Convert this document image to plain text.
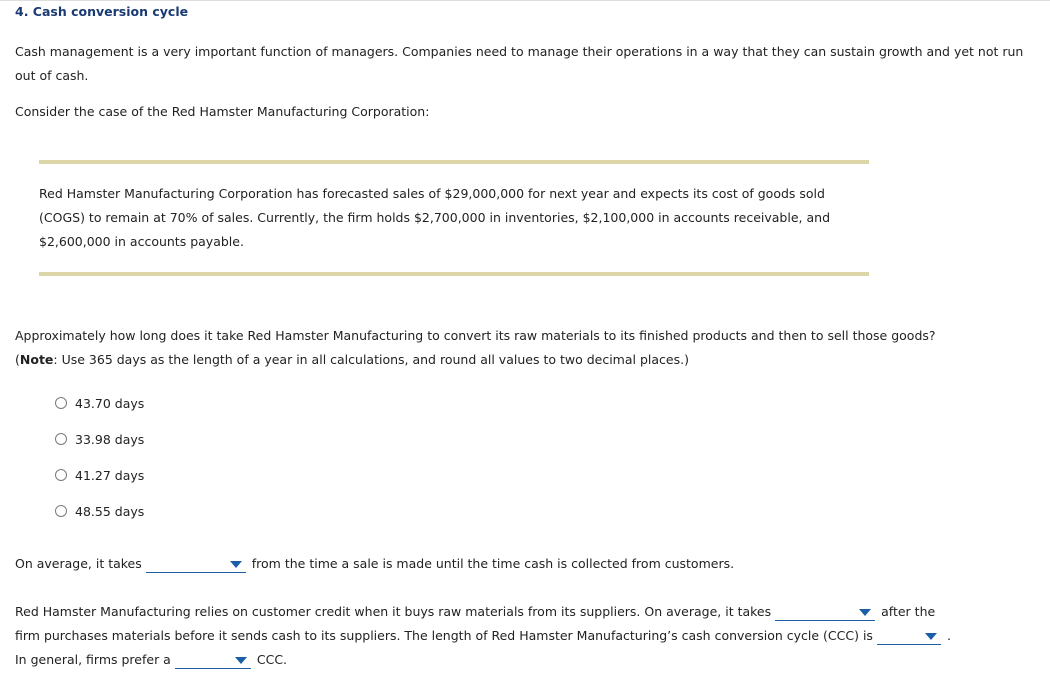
4. Cash conversion cycle
Cash management is a very important function of managers. Companies need to manage their operations in a way that they can sustain growth and yet not run out of cash.
Consider the case of the Red Hamster Manufacturing Corporation:
Red Hamster Manufacturing Corporation has forecasted sales of $29,000,000 for next year and expects its cost of goods sold (COGS) to remain at 70% of sales. Currently, the firm holds $2,700,000 in inventories, $2,100,000 in accounts receivable, and $2,600,000 in accounts payable.
Approximately how long does it take Red Hamster Manufacturing to convert its raw materials to its finished products and then to sell those goods?
(Note: Use 365 days as the length of a year in all calculations, and round all values to two decimal places.)
43.70 days
33.98 days
41.27 days
48.55 days
On average, it takes	from the time a sale is made until the time cash is collected from customers.
Red Hamster Manufacturing relies on customer credit when it buys raw materials from its suppliers. On average, it takes	after the
firm purchases materials before it sends cash to its suppliers. The length of Red Hamster Manufacturing’s cash conversion cycle (CCC) is	.
In general, firms prefer a	CCC.
